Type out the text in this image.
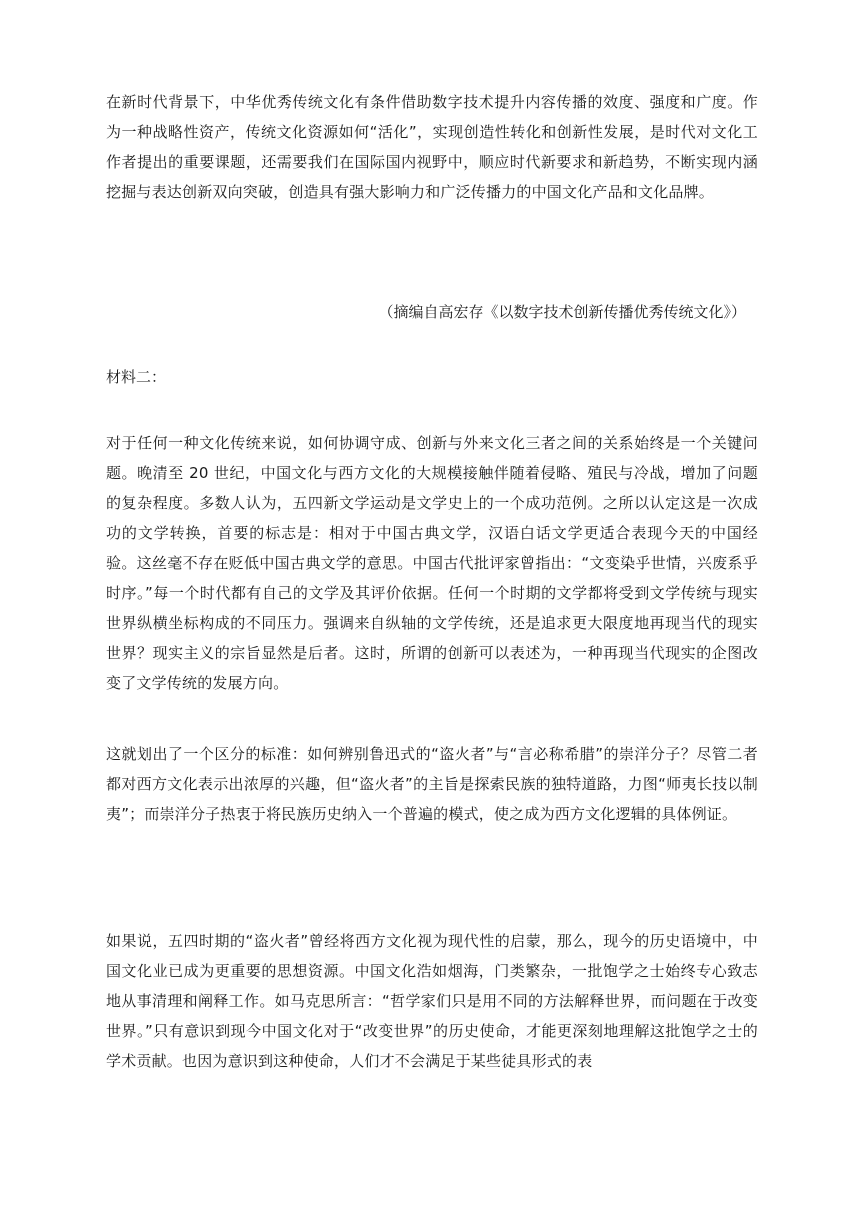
在新时代背景下，中华优秀传统文化有条件借助数字技术提升内容传播的效度、强度和广度。作为一种战略性资产，传统文化资源如何“活化”，实现创造性转化和创新性发展，是时代对文化工作者提出的重要课题，还需要我们在国际国内视野中，顺应时代新要求和新趋势，不断实现内涵挖掘与表达创新双向突破，创造具有强大影响力和广泛传播力的中国文化产品和文化品牌。

（摘编自高宏存《以数字技术创新传播优秀传统文化》）
材料二：

对于任何一种文化传统来说，如何协调守成、创新与外来文化三者之间的关系始终是一个关键问题。晚清至 20 世纪，中国文化与西方文化的大规模接触伴随着侵略、殖民与冷战，增加了问题的复杂程度。多数人认为，五四新文学运动是文学史上的一个成功范例。之所以认定这是一次成功的文学转换，首要的标志是：相对于中国古典文学，汉语白话文学更适合表现今天的中国经验。这丝毫不存在贬低中国古典文学的意思。中国古代批评家曾指出：“文变染乎世情，兴废系乎时序。”每一个时代都有自己的文学及其评价依据。任何一个时期的文学都将受到文学传统与现实世界纵横坐标构成的不同压力。强调来自纵轴的文学传统，还是追求更大限度地再现当代的现实世界？现实主义的宗旨显然是后者。这时，所谓的创新可以表述为，一种再现当代现实的企图改变了文学传统的发展方向。

这就划出了一个区分的标准：如何辨别鲁迅式的“盗火者”与“言必称希腊”的崇洋分子？尽管二者都对西方文化表示出浓厚的兴趣，但“盗火者”的主旨是探索民族的独特道路，力图“师夷长技以制夷”；而崇洋分子热衷于将民族历史纳入一个普遍的模式，使之成为西方文化逻辑的具体例证。

如果说，五四时期的“盗火者”曾经将西方文化视为现代性的启蒙，那么，现今的历史语境中，中国文化业已成为更重要的思想资源。中国文化浩如烟海，门类繁杂，一批饱学之士始终专心致志地从事清理和阐释工作。如马克思所言：“哲学家们只是用不同的方法解释世界，而问题在于改变世界。”只有意识到现今中国文化对于“改变世界”的历史使命，才能更深刻地理解这批饱学之士的学术贡献。也因为意识到这种使命，人们才不会满足于某些徒具形式的表
